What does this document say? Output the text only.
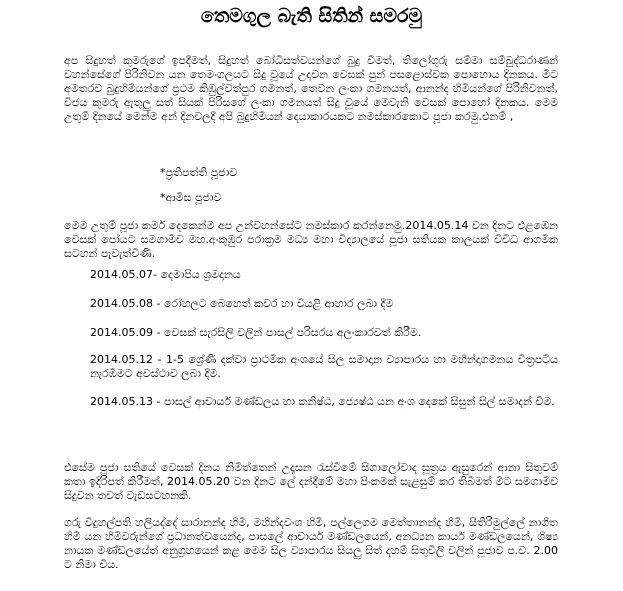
තෙමගුල බැති සිතින් සමරමු
අප සිදුහත් කුමරුගේ ඉපදීමත්, සිදුහත් බෝධිසත්වයන්ගේ බුදු වීමත්, තිලෝගුරු සම්මා සම්බුද්ධරාණන් වහන්සේගේ පිරිනිවන යන තෙමංගලයට සිදු වූයේ උදාවන වෙසක් පුන් පසළොස්වක පොහොය දිනකය. මීට අමතරව බුදුහිමියන්ගේ ප්‍රථම කිඹුල්වත්පුර ගමනත්, තෙවන ලංකා ගමනයත්, ආනන්ද හිමියන්ගේ පිරිනිවනත්, විජය කුමරු ඇතුලු සත් සියක් පිරිසගේ ලංකා ගමනයත් සිදු වූයේ මෙවැනි වෙසක් පොහෝ දිනකය. මෙම උතුම් දිනයේ මෙන්ම අන් දිනවලදී අපි බුදුහිමියන් දෙයාකාරයකට නමස්කාරකොට පූජා කරමු.එනම් ,
*ප්‍රතිපත්ති පූජාව
*ආමිස පූජාව
මෙම උතුම් පූජා කර්ම දෙකෙන්ම අප උන්වහන්සේට නමස්කාර කරන්නෙමු.2014.05.14 වන දිනට එළඹෙන වෙසක් පෝයට සමගාමීව මහ.අංකුඹුර පරාක්‍රම මධ්‍ය මහා විද්‍යාලයේ පූජා සතියක කාලයක් විවිධ ආගමික සටහන් පැවැත්විණි.
2014.05.07- දෙමාපිය ශ්‍රමදානය
2014.05.08 - රෝහලට බෙහෙත් කවර හා වියළි ආහාර ලබා දීම
2014.05.09 - වෙසක් සැරසිලි වලින් පාසල් පරිසරය අලංකාරවත් කිරීම.
2014.05.12 - 1-5 ශ්‍රේණි දක්වා ප්‍රාථමික අංශයේ සිල සමාදාන ව්‍යාපාරය හා මහින්දාගමනය චිත්‍රපටිය නැරඹීමට අවස්ථාව ලබා දීම.
2014.05.13 - පාසල් ආචාර්ය මණ්ඩලය හා කනිෂ්ඨ, ජ්‍යෙෂ්ඨ යන අංශ දෙකේ සිසුන් සිල් සමාදන් වීම.
එසේම පූජා සතියේ වෙසක් දිනය නිමිත්තෙන් උදෑසන රැස්වීමේ සිගාලෝවාද සූත්‍රය ඇසුරෙන් ආනා සිතුවම් කතා ඉදිරිපත් කිරීමත්, 2014.05.20 වන දිනට ලේ දන්දීමේ මහා පිංකමක් සැළසුම් කර තිබීමත් මීට සමගාමීව සිදුවන තවත් වැඩසටහනකි.
ගරු විදුහල්පති හලියද්දේ සාරානන්ද හිමි, මහින්දවංශ හිමි, පල්ලෙගම මෙත්තානන්ද හිමි, සීතිරිමුල්ලේ නාගිත හිමි යන හිමිවරුන්ගේ ප්‍රධානත්වයෙන්ද, පාසලේ ආචාර්ය මණ්ඩලයෙන්, අනධ්‍යන කාර්ය මණ්ඩලයෙන්, ශිෂ්‍ය නායක මණ්ඩලයේත් අනුග්‍රහයෙන් කළ මෙම සිල ව්‍යාපාරය සියලු සිත් දහම් සිතුවිලි වලින් පූජාව ප.ව. 2.00 ට නිමා විය.
